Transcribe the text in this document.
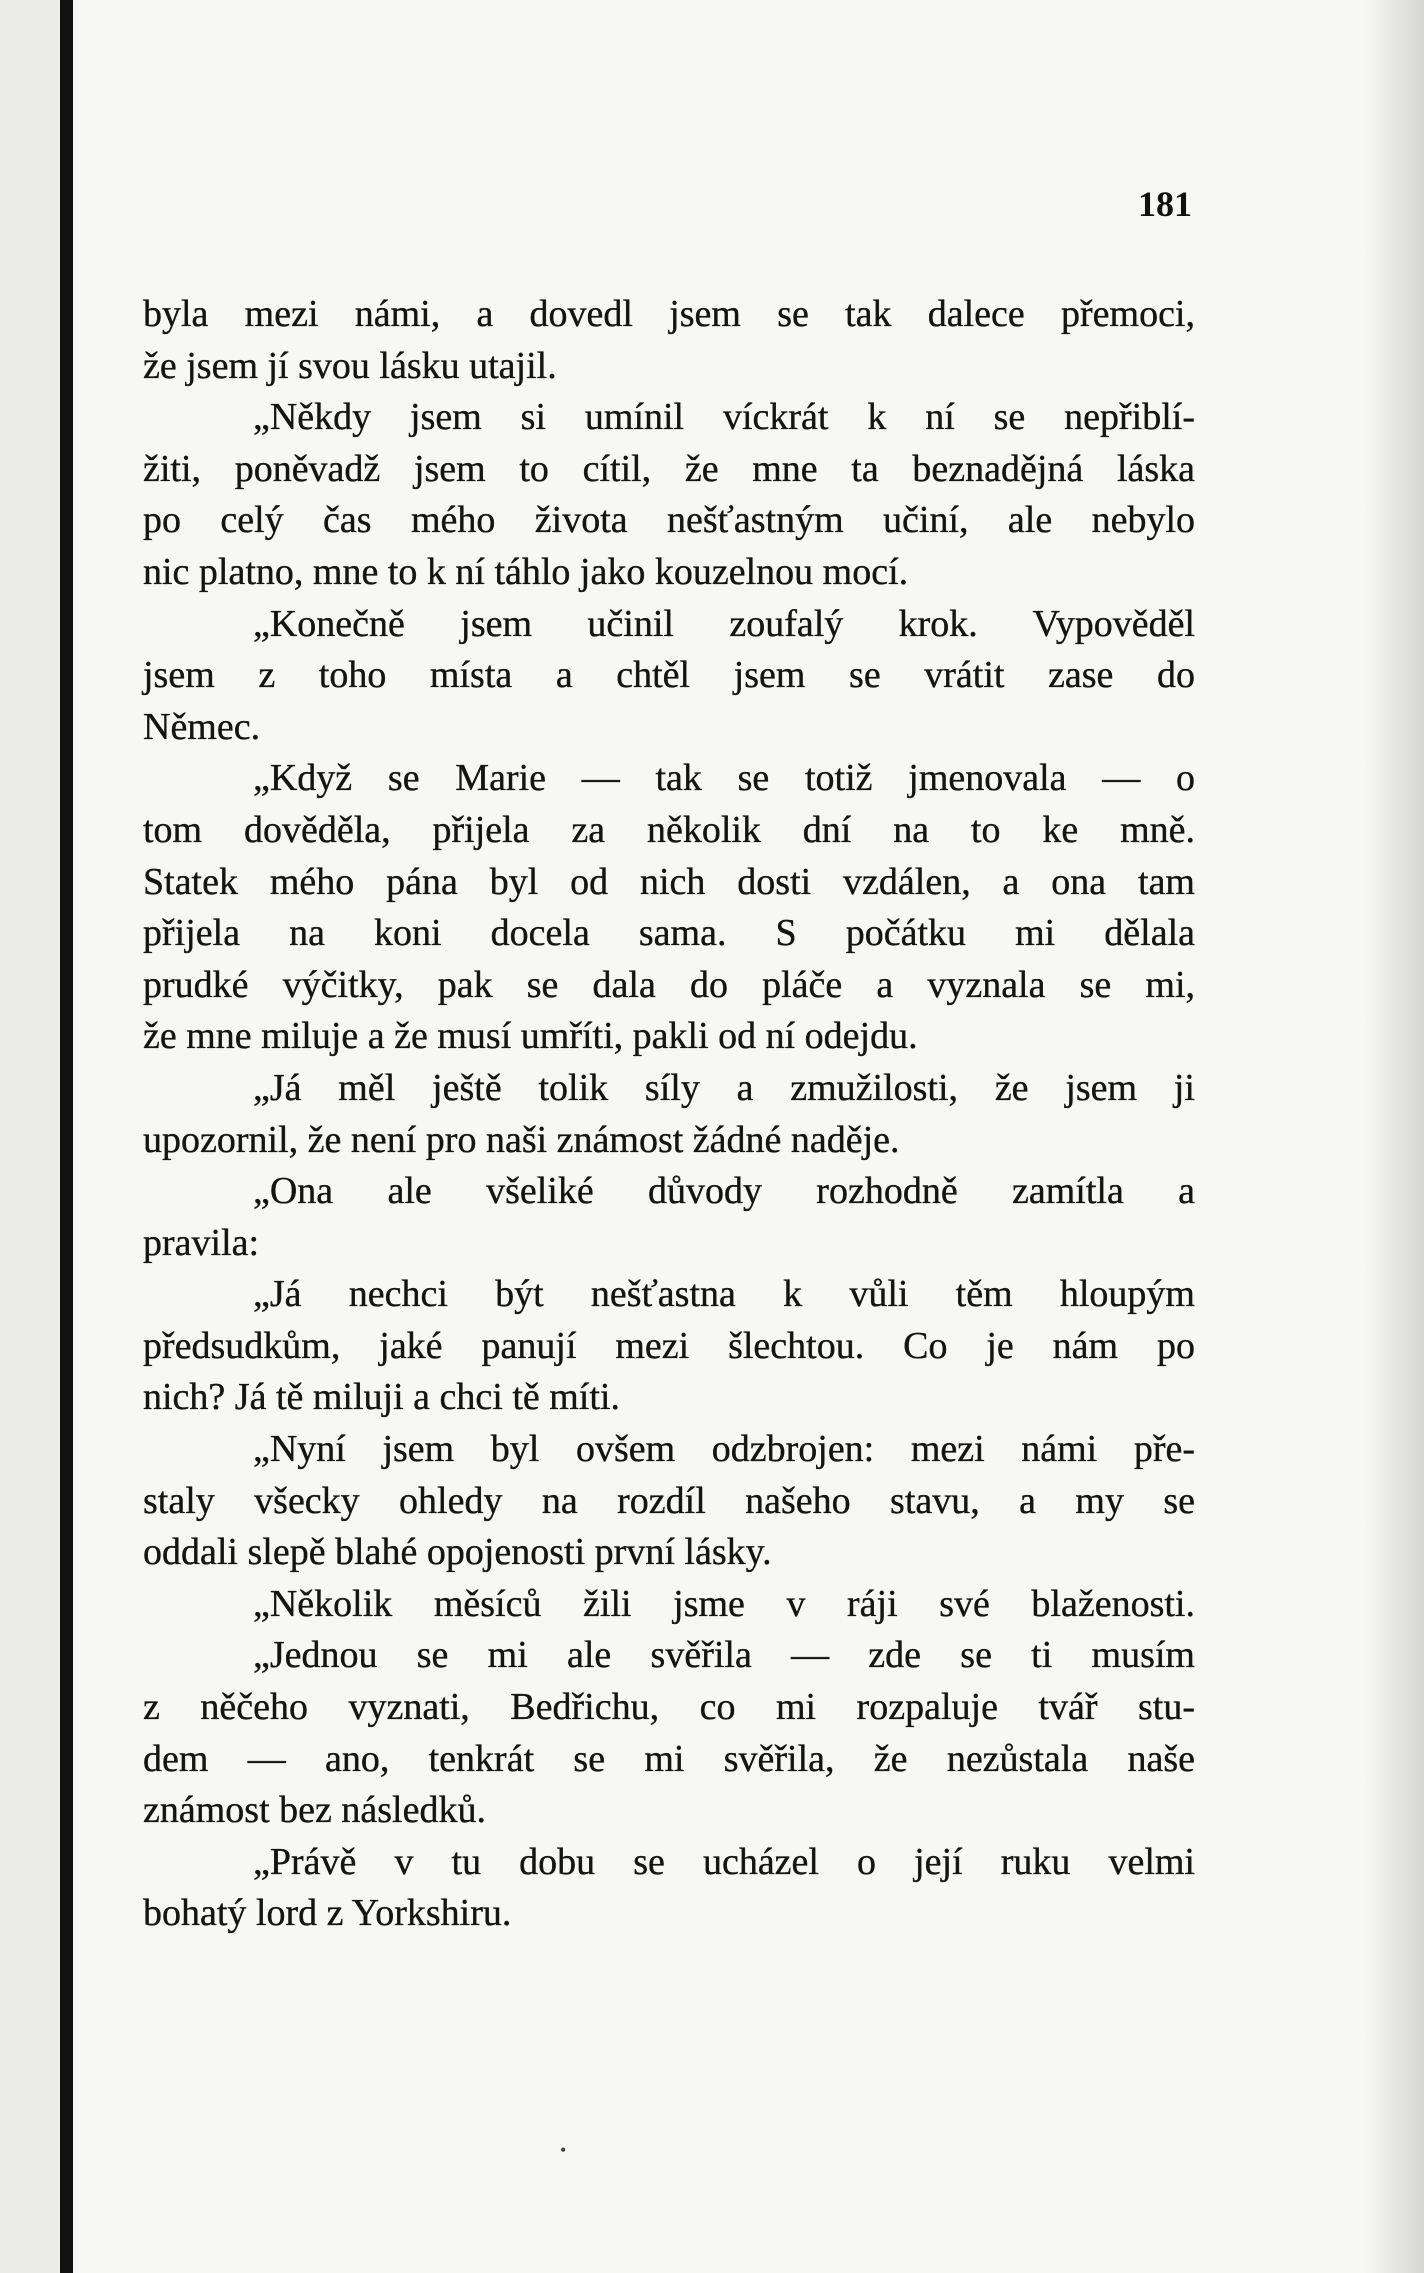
181
byla mezi námi, a dovedl jsem se tak dalece přemoci,
že jsem jí svou lásku utajil.
„Někdy jsem si umínil víckrát k ní se nepřiblí-
žiti, poněvadž jsem to cítil, že mne ta beznadějná láska
po celý čas mého života nešťastným učiní, ale nebylo
nic platno, mne to k ní táhlo jako kouzelnou mocí.
„Konečně jsem učinil zoufalý krok. Vypověděl
jsem z toho místa a chtěl jsem se vrátit zase do
Němec.
„Když se Marie — tak se totiž jmenovala — o
tom dověděla, přijela za několik dní na to ke mně.
Statek mého pána byl od nich dosti vzdálen, a ona tam
přijela na koni docela sama. S počátku mi dělala
prudké výčitky, pak se dala do pláče a vyznala se mi,
že mne miluje a že musí umříti, pakli od ní odejdu.
„Já měl ještě tolik síly a zmužilosti, že jsem ji
upozornil, že není pro naši známost žádné naděje.
„Ona ale všeliké důvody rozhodně zamítla a
pravila:
„Já nechci být nešťastna k vůli těm hloupým
předsudkům, jaké panují mezi šlechtou. Co je nám po
nich? Já tě miluji a chci tě míti.
„Nyní jsem byl ovšem odzbrojen: mezi námi pře-
staly všecky ohledy na rozdíl našeho stavu, a my se
oddali slepě blahé opojenosti první lásky.
„Několik měsíců žili jsme v ráji své blaženosti.
„Jednou se mi ale svěřila — zde se ti musím
z něčeho vyznati, Bedřichu, co mi rozpaluje tvář stu-
dem — ano, tenkrát se mi svěřila, že nezůstala naše
známost bez následků.
„Právě v tu dobu se ucházel o její ruku velmi
bohatý lord z Yorkshiru.
•
